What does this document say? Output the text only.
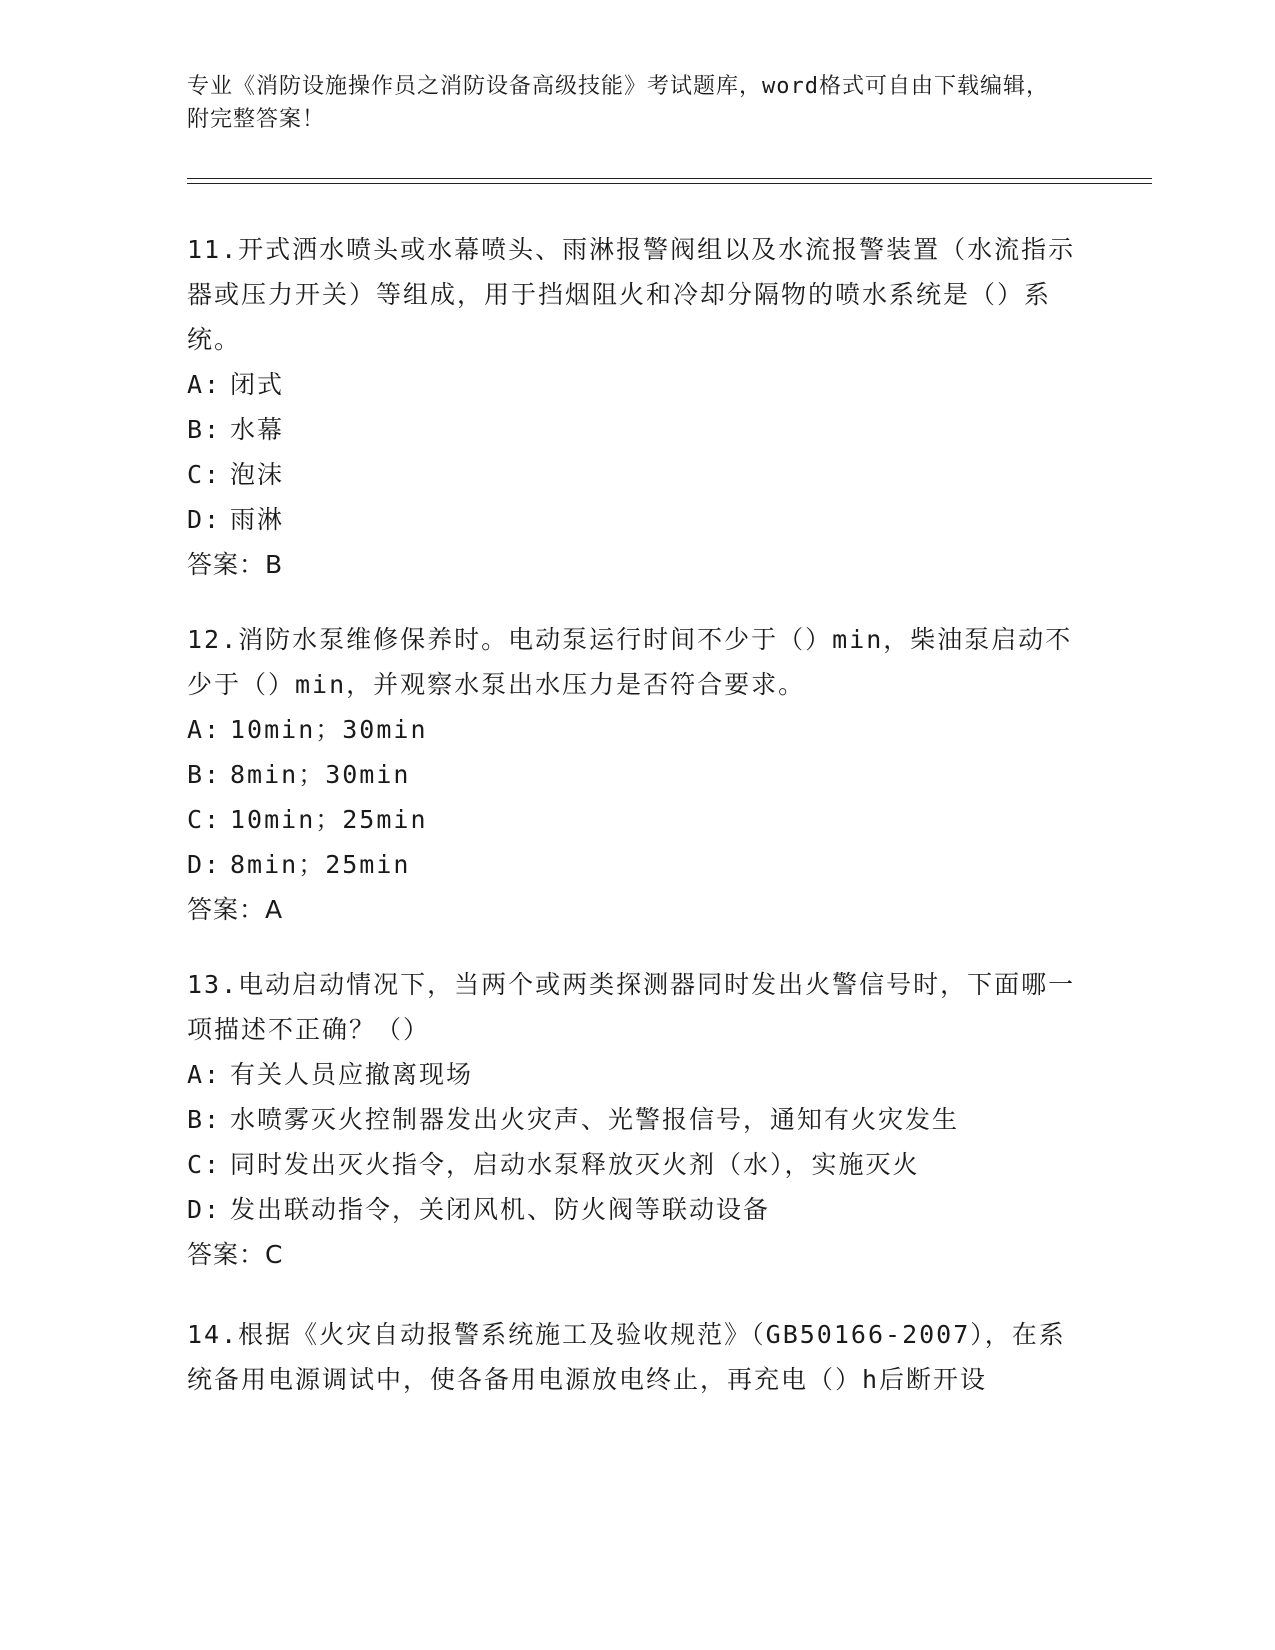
专业《消防设施操作员之消防设备高级技能》考试题库，word格式可自由下载编辑，附完整答案！
11.开式洒水喷头或水幕喷头、雨淋报警阀组以及水流报警装置（水流指示器或压力开关）等组成，用于挡烟阻火和冷却分隔物的喷水系统是（）系统。
A: 闭式
B: 水幕
C: 泡沫
D: 雨淋
答案：B
12.消防水泵维修保养时。电动泵运行时间不少于（）min，柴油泵启动不少于（）min，并观察水泵出水压力是否符合要求。
A: 10min；30min
B: 8min；30min
C: 10min；25min
D: 8min；25min
答案：A
13.电动启动情况下，当两个或两类探测器同时发出火警信号时，下面哪一项描述不正确？（）
A: 有关人员应撤离现场
B: 水喷雾灭火控制器发出火灾声、光警报信号，通知有火灾发生
C: 同时发出灭火指令，启动水泵释放灭火剂（水），实施灭火
D: 发出联动指令，关闭风机、防火阀等联动设备
答案：C
14.根据《火灾自动报警系统施工及验收规范》（GB50166-2007），在系统备用电源调试中，使各备用电源放电终止，再充电（）h后断开设
